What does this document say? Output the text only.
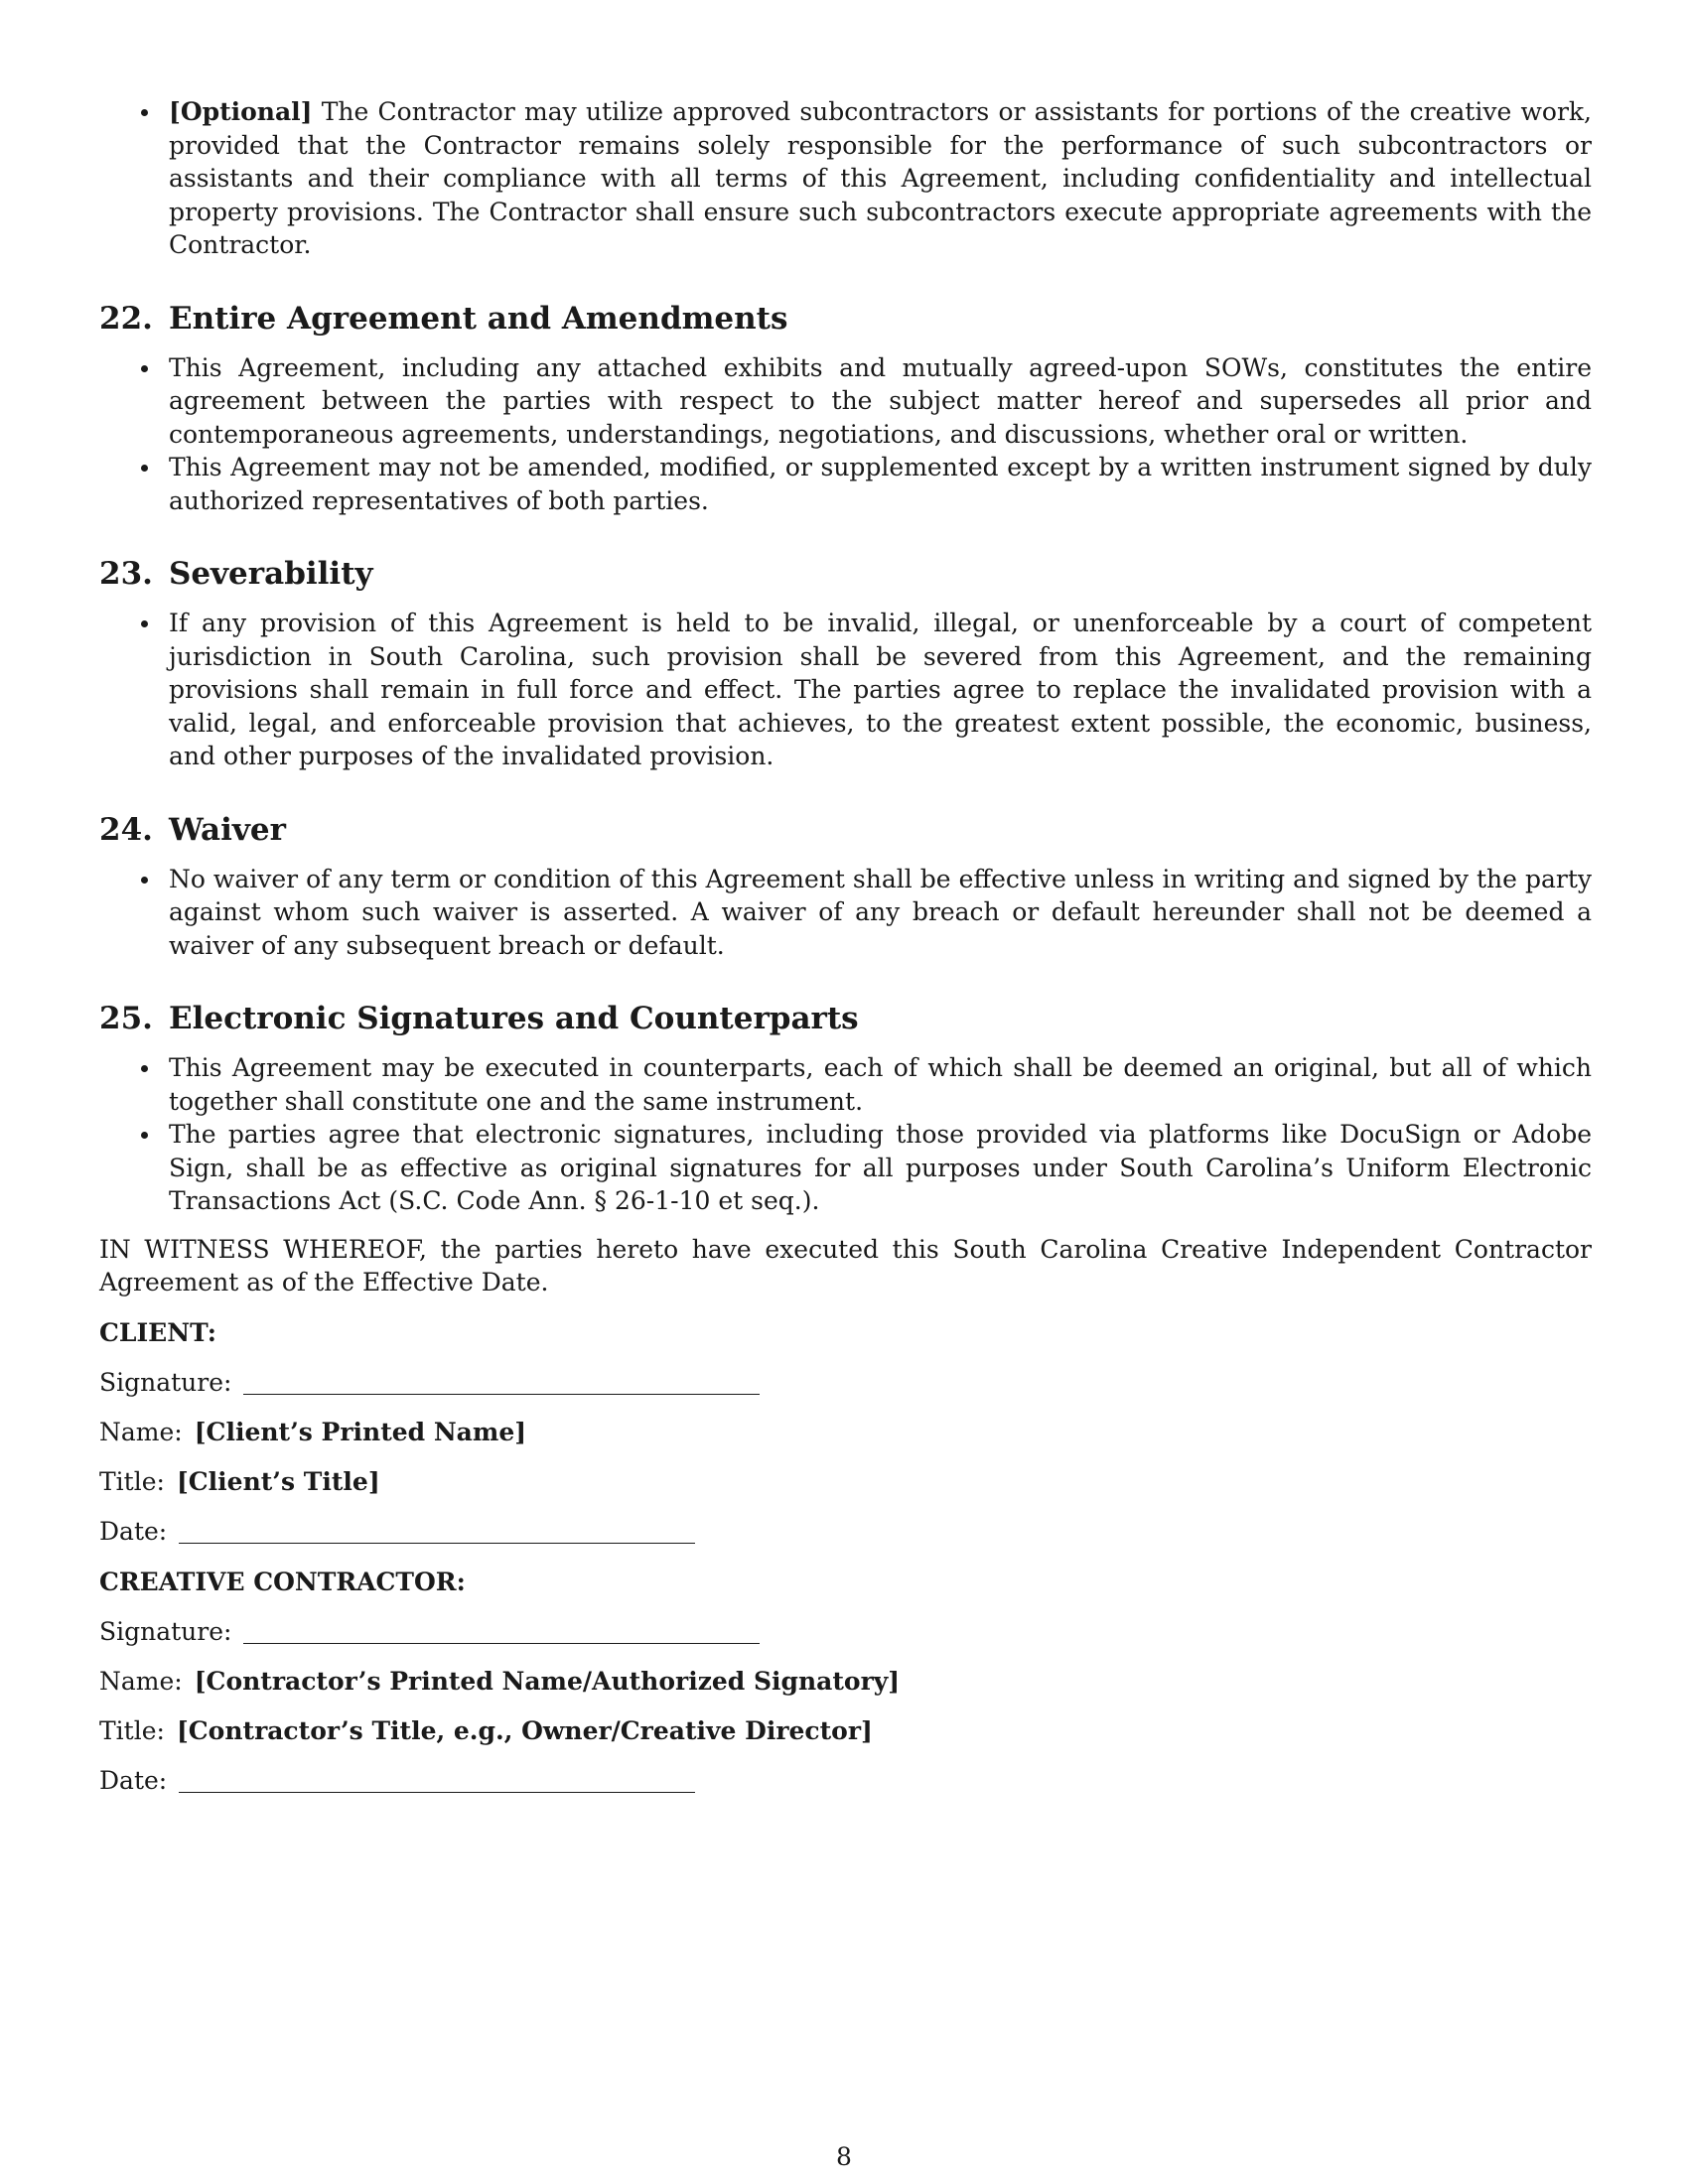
[Optional] The Contractor may utilize approved subcontractors or assistants for portions of the creative work, provided that the Contractor remains solely responsible for the performance of such subcontractors or assistants and their compliance with all terms of this Agreement, including confidentiality and intellectual property provisions. The Contractor shall ensure such subcontractors execute appropriate agreements with the Contractor.
22. Entire Agreement and Amendments
This Agreement, including any attached exhibits and mutually agreed-upon SOWs, constitutes the entire agreement between the parties with respect to the subject matter hereof and supersedes all prior and contemporaneous agreements, understandings, negotiations, and discussions, whether oral or written.
This Agreement may not be amended, modified, or supplemented except by a written instrument signed by duly authorized representatives of both parties.
23. Severability
If any provision of this Agreement is held to be invalid, illegal, or unenforceable by a court of competent jurisdiction in South Carolina, such provision shall be severed from this Agreement, and the remaining provisions shall remain in full force and effect. The parties agree to replace the invalidated provision with a valid, legal, and enforceable provision that achieves, to the greatest extent possible, the economic, business, and other purposes of the invalidated provision.
24. Waiver
No waiver of any term or condition of this Agreement shall be effective unless in writing and signed by the party against whom such waiver is asserted. A waiver of any breach or default hereunder shall not be deemed a waiver of any subsequent breach or default.
25. Electronic Signatures and Counterparts
This Agreement may be executed in counterparts, each of which shall be deemed an original, but all of which together shall constitute one and the same instrument.
The parties agree that electronic signatures, including those provided via platforms like DocuSign or Adobe Sign, shall be as effective as original signatures for all purposes under South Carolina’s Uniform Electronic Transactions Act (S.C. Code Ann. § 26-1-10 et seq.).

IN WITNESS WHEREOF, the parties hereto have executed this South Carolina Creative Independent Contractor Agreement as of the Effective Date.

CLIENT:
Signature:
Name: [Client’s Printed Name]
Title: [Client’s Title]
Date:
CREATIVE CONTRACTOR:
Signature:
Name: [Contractor’s Printed Name/Authorized Signatory]
Title: [Contractor’s Title, e.g., Owner/Creative Director]
Date:
8
